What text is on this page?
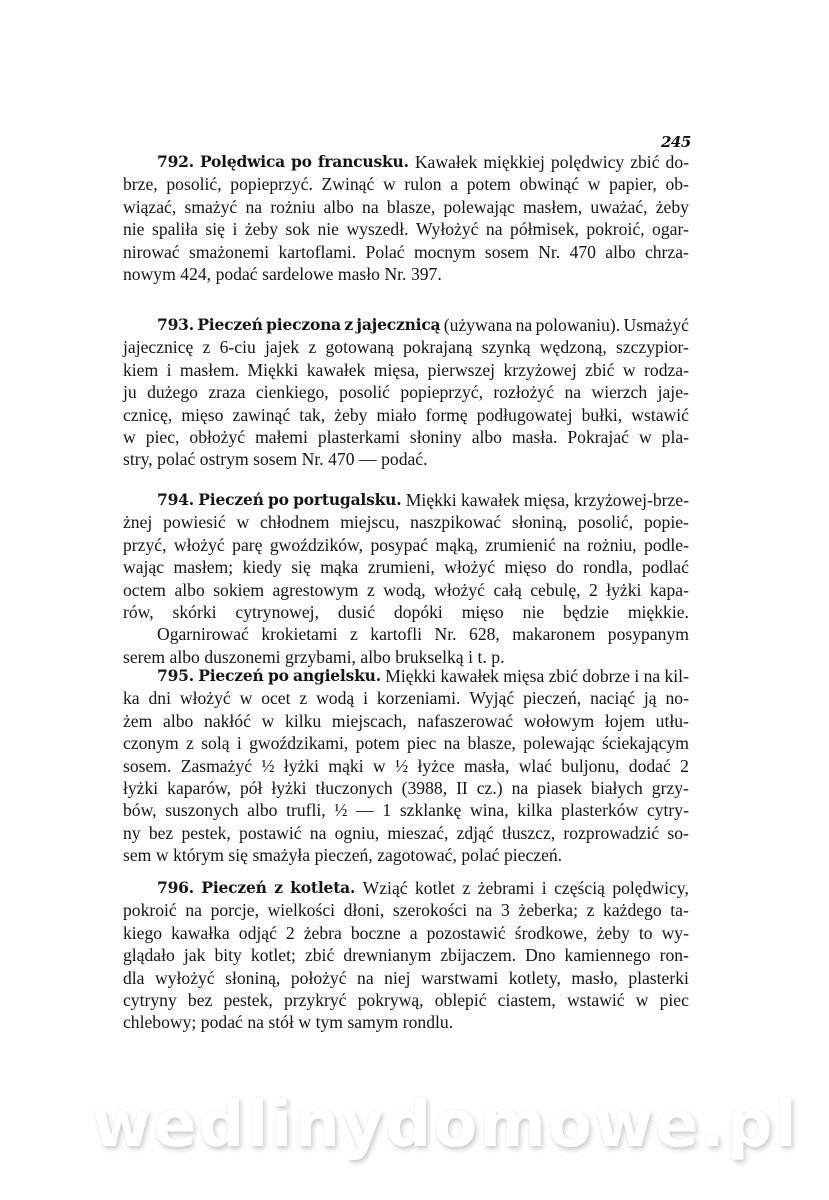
245
792. Polędwica po francusku. Kawałek miękkiej polędwicy zbić do-
brze, posolić, popieprzyć. Zwinąć w rulon a potem obwinąć w papier, ob-
wiązać, smażyć na rożniu albo na blasze, polewając masłem, uważać, żeby
nie spaliła się i żeby sok nie wyszedł. Wyłożyć na półmisek, pokroić, ogar-
nirować smażonemi kartoflami. Polać mocnym sosem Nr. 470 albo chrza-
nowym 424, podać sardelowe masło Nr. 397.
793. Pieczeń pieczona z jajecznicą (używana na polowaniu). Usmażyć
jajecznicę z 6-ciu jajek z gotowaną pokrajaną szynką wędzoną, szczypior-
kiem i masłem. Miękki kawałek mięsa, pierwszej krzyżowej zbić w rodza-
ju dużego zraza cienkiego, posolić popieprzyć, rozłożyć na wierzch jaje-
cznicę, mięso zawinąć tak, żeby miało formę podługowatej bułki, wstawić
w piec, obłożyć małemi plasterkami słoniny albo masła. Pokrajać w pla-
stry, polać ostrym sosem Nr. 470 — podać.
794. Pieczeń po portugalsku. Miękki kawałek mięsa, krzyżowej-brze-
żnej powiesić w chłodnem miejscu, naszpikować słoniną, posolić, popie-
przyć, włożyć parę gwoździków, posypać mąką, zrumienić na rożniu, podle-
wając masłem; kiedy się mąka zrumieni, włożyć mięso do rondla, podlać
octem albo sokiem agrestowym z wodą, włożyć całą cebulę, 2 łyżki kapa-
rów, skórki cytrynowej, dusić dopóki mięso nie będzie miękkie.
Ogarnirować krokietami z kartofli Nr. 628, makaronem posypanym
serem albo duszonemi grzybami, albo brukselką i t. p.
795. Pieczeń po angielsku. Miękki kawałek mięsa zbić dobrze i na kil-
ka dni włożyć w ocet z wodą i korzeniami. Wyjąć pieczeń, naciąć ją no-
żem albo nakłóć w kilku miejscach, nafaszerować wołowym łojem utłu-
czonym z solą i gwoździkami, potem piec na blasze, polewając ściekającym
sosem. Zasmażyć ½ łyżki mąki w ½ łyżce masła, wlać buljonu, dodać 2
łyżki kaparów, pół łyżki tłuczonych (3988, II cz.) na piasek białych grzy-
bów, suszonych albo trufli, ½ — 1 szklankę wina, kilka plasterków cytry-
ny bez pestek, postawić na ogniu, mieszać, zdjąć tłuszcz, rozprowadzić so-
sem w którym się smażyła pieczeń, zagotować, polać pieczeń.
796. Pieczeń z kotleta. Wziąć kotlet z żebrami i częścią polędwicy,
pokroić na porcje, wielkości dłoni, szerokości na 3 żeberka; z każdego ta-
kiego kawałka odjąć 2 żebra boczne a pozostawić środkowe, żeby to wy-
glądało jak bity kotlet; zbić drewnianym zbijaczem. Dno kamiennego ron-
dla wyłożyć słoniną, położyć na niej warstwami kotlety, masło, plasterki
cytryny bez pestek, przykryć pokrywą, oblepić ciastem, wstawić w piec
chlebowy; podać na stół w tym samym rondlu.
wedlinydomowe.pl
